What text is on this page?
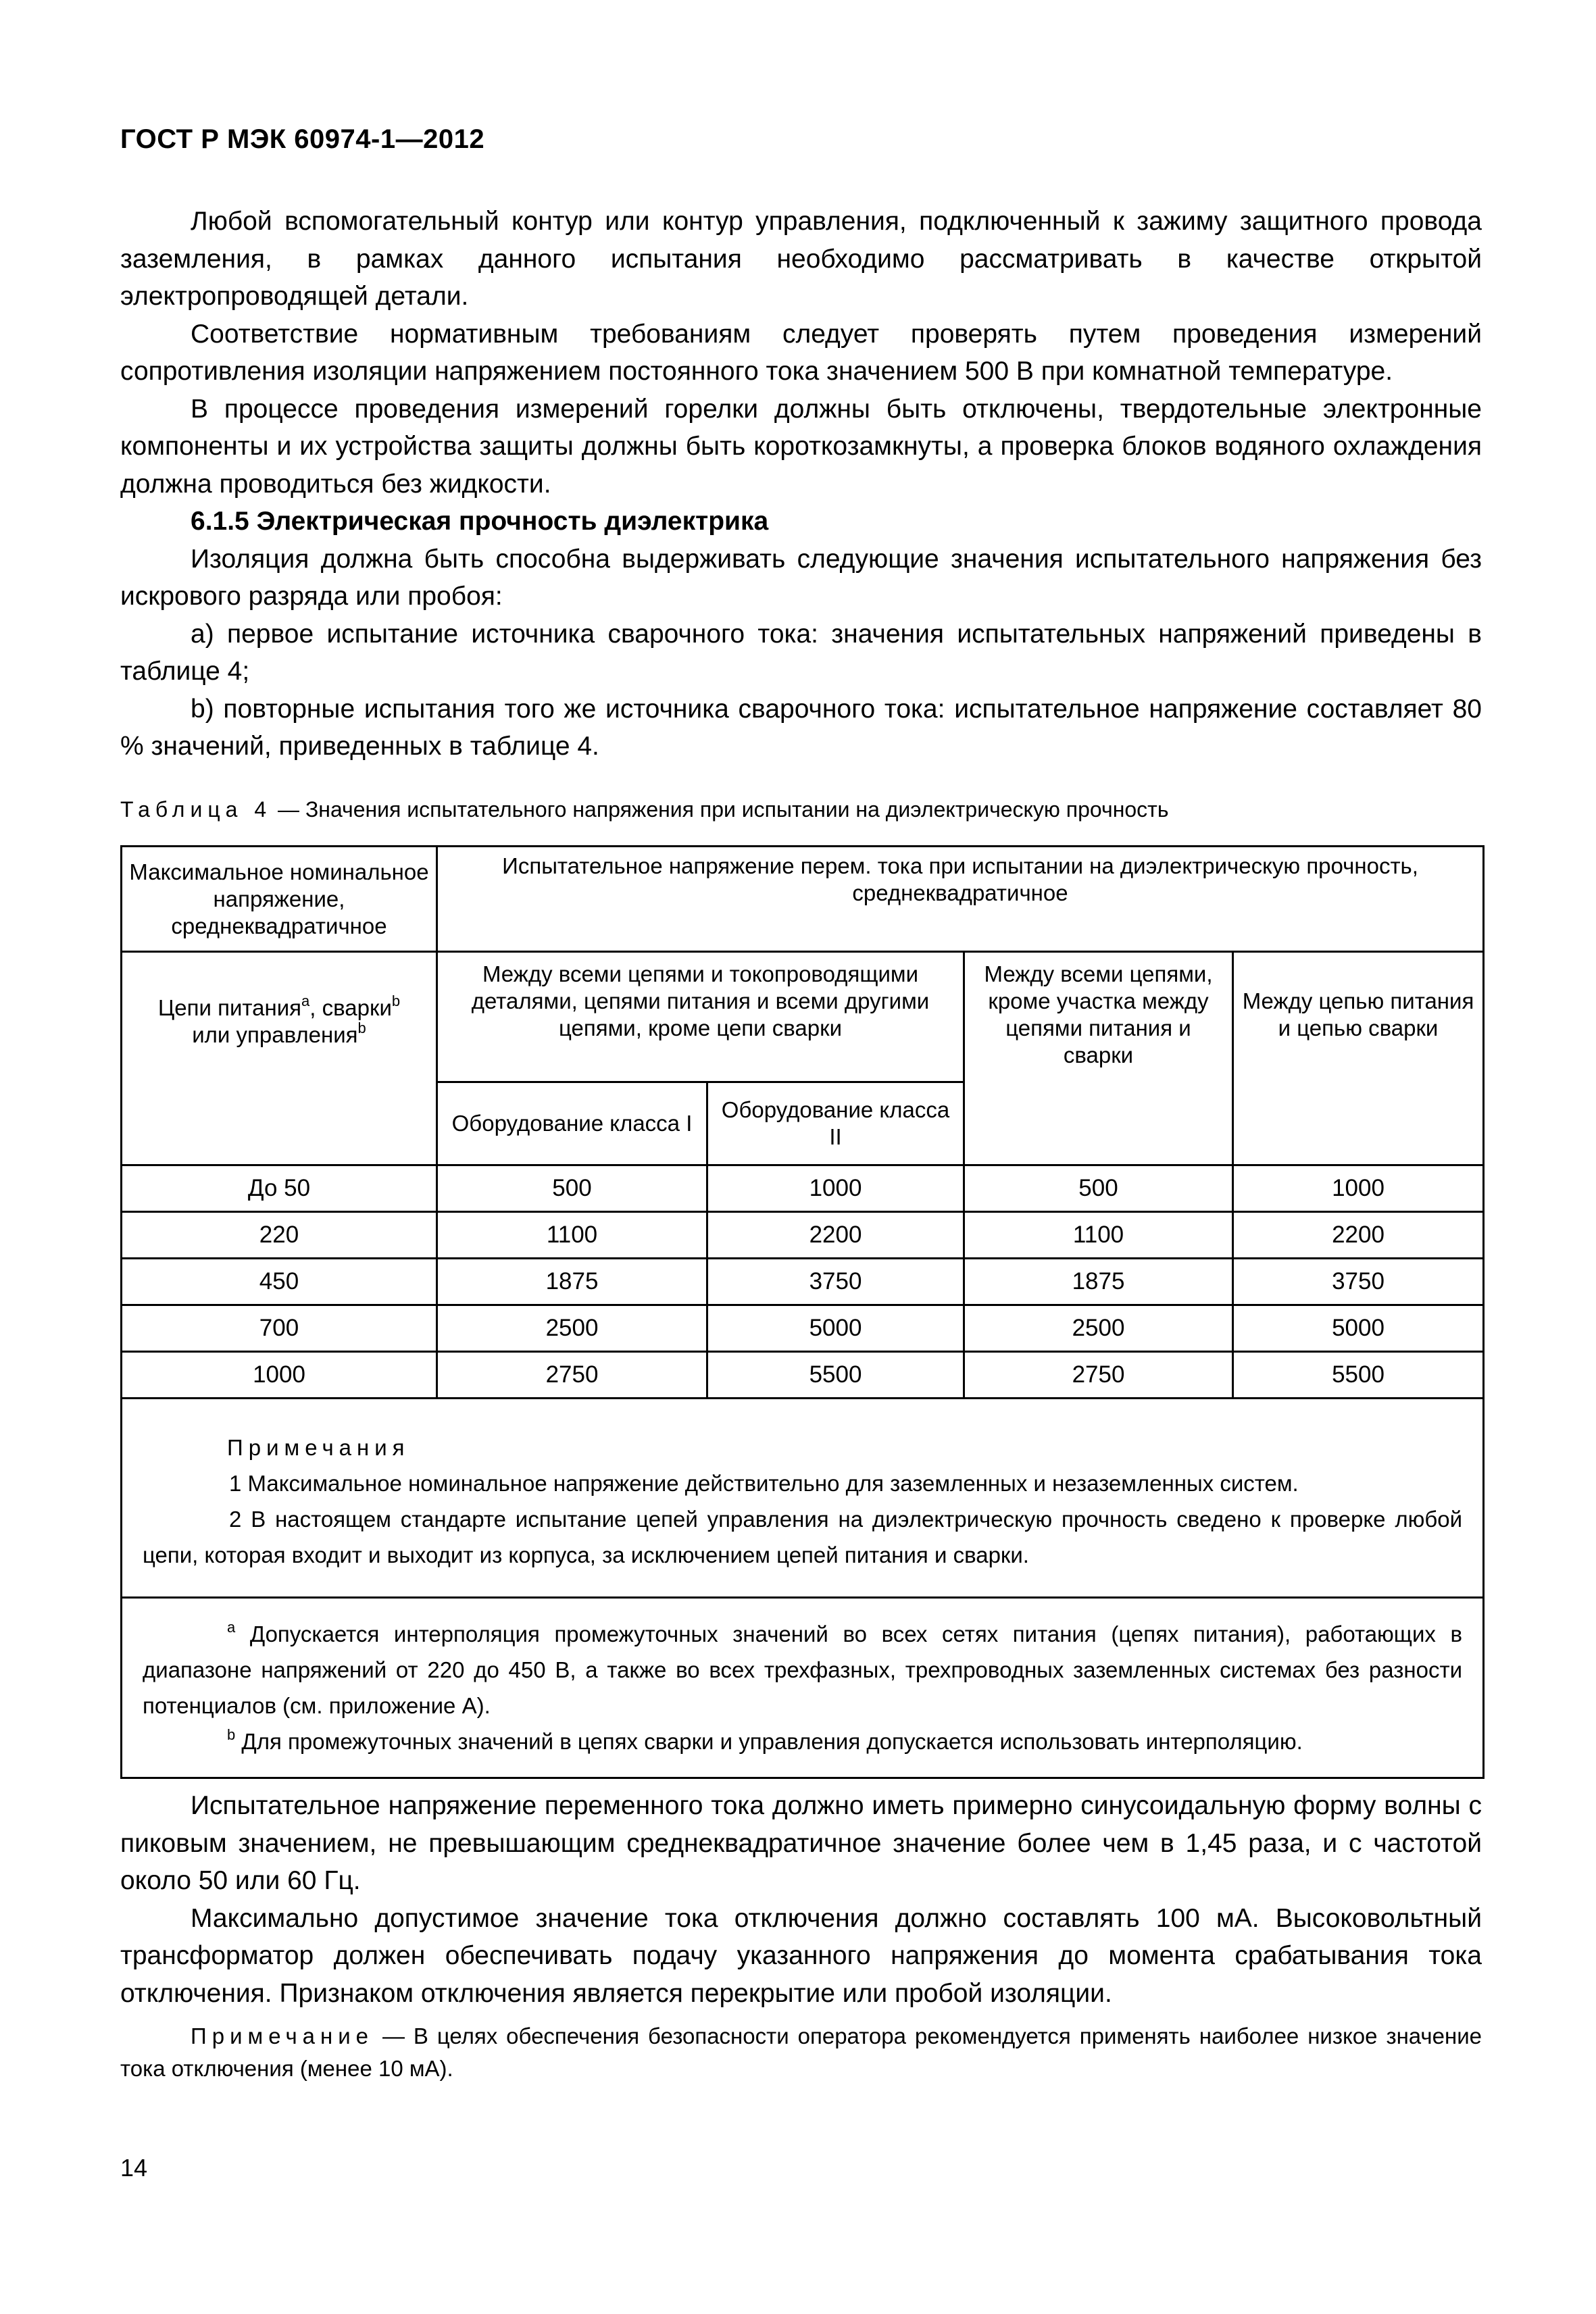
ГОСТ Р МЭК 60974-1—2012

Любой вспомогательный контур или контур управления, подключенный к зажиму защитного провода заземления, в рамках данного испытания необходимо рассматривать в качестве открытой электропроводящей детали.

Соответствие нормативным требованиям следует проверять путем проведения измерений сопротивления изоляции напряжением постоянного тока значением 500 В при комнатной температуре.

В процессе проведения измерений горелки должны быть отключены, твердотельные электронные компоненты и их устройства защиты должны быть короткозамкнуты, а проверка блоков водяного охлаждения должна проводиться без жидкости.

6.1.5 Электрическая прочность диэлектрика

Изоляция должна быть способна выдерживать следующие значения испытательного напряжения без искрового разряда или пробоя:

a) первое испытание источника сварочного тока: значения испытательных напряжений приведены в таблице 4;

b) повторные испытания того же источника сварочного тока: испытательное напряжение составляет 80 % значений, приведенных в таблице 4.

Таблица 4 — Значения испытательного напряжения при испытании на диэлектрическую прочность
Максимальное номинальное напряжение, среднеквадратичное	Испытательное напряжение перем. тока при испытании на диэлектрическую прочность, среднеквадратичное			
Цепи питания$^a$, сварки$^b$
или управления$^b$	Между всеми цепями и токопроводящими деталями, цепями питания и всеми другими цепями, кроме цепи сварки		Между всеми цепями, кроме участка между цепями питания и сварки	Между цепью питания и цепью сварки
	Оборудование класса I	Оборудование класса II		
До 50	500	1000	500	1000
220	1100	2200	1100	2200
450	1875	3750	1875	3750
700	2500	5000	2500	5000
1000	2750	5500	2750	5500

Примечания

1 Максимальное номинальное напряжение действительно для заземленных и незаземленных систем.

2 В настоящем стандарте испытание цепей управления на диэлектрическую прочность сведено к проверке любой цепи, которая входит и выходит из корпуса, за исключением цепей питания и сварки.				

$^a$ Допускается интерполяция промежуточных значений во всех сетях питания (цепях питания), работающих в диапазоне напряжений от 220 до 450 В, а также во всех трехфазных, трехпроводных заземленных системах без разности потенциалов (см. приложение А).

$^b$ Для промежуточных значений в цепях сварки и управления допускается использовать интерполяцию.				

Испытательное напряжение переменного тока должно иметь примерно синусоидальную форму волны с пиковым значением, не превышающим среднеквадратичное значение более чем в 1,45 раза, и с частотой около 50 или 60 Гц.

Максимально допустимое значение тока отключения должно составлять 100 мА. Высоковольтный трансформатор должен обеспечивать подачу указанного напряжения до момента срабатывания тока отключения. Признаком отключения является перекрытие или пробой изоляции.

Примечание — В целях обеспечения безопасности оператора рекомендуется применять наиболее низкое значение тока отключения (менее 10 мА).

14
